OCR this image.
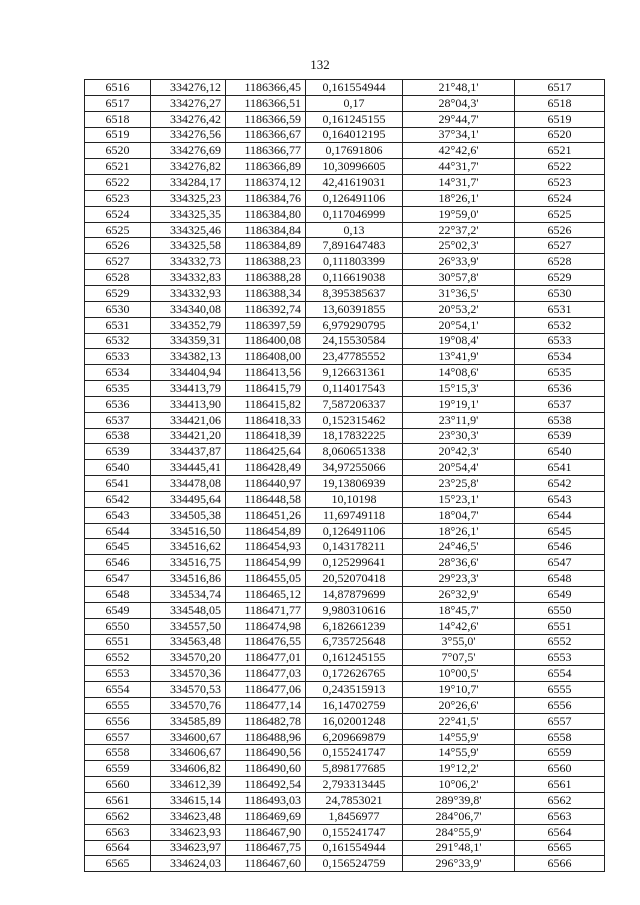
132
6516	334276,12	1186366,45	0,161554944	21°48,1'	6517
6517	334276,27	1186366,51	0,17	28°04,3'	6518
6518	334276,42	1186366,59	0,161245155	29°44,7'	6519
6519	334276,56	1186366,67	0,164012195	37°34,1'	6520
6520	334276,69	1186366,77	0,17691806	42°42,6'	6521
6521	334276,82	1186366,89	10,30996605	44°31,7'	6522
6522	334284,17	1186374,12	42,41619031	14°31,7'	6523
6523	334325,23	1186384,76	0,126491106	18°26,1'	6524
6524	334325,35	1186384,80	0,117046999	19°59,0'	6525
6525	334325,46	1186384,84	0,13	22°37,2'	6526
6526	334325,58	1186384,89	7,891647483	25°02,3'	6527
6527	334332,73	1186388,23	0,111803399	26°33,9'	6528
6528	334332,83	1186388,28	0,116619038	30°57,8'	6529
6529	334332,93	1186388,34	8,395385637	31°36,5'	6530
6530	334340,08	1186392,74	13,60391855	20°53,2'	6531
6531	334352,79	1186397,59	6,979290795	20°54,1'	6532
6532	334359,31	1186400,08	24,15530584	19°08,4'	6533
6533	334382,13	1186408,00	23,47785552	13°41,9'	6534
6534	334404,94	1186413,56	9,126631361	14°08,6'	6535
6535	334413,79	1186415,79	0,114017543	15°15,3'	6536
6536	334413,90	1186415,82	7,587206337	19°19,1'	6537
6537	334421,06	1186418,33	0,152315462	23°11,9'	6538
6538	334421,20	1186418,39	18,17832225	23°30,3'	6539
6539	334437,87	1186425,64	8,060651338	20°42,3'	6540
6540	334445,41	1186428,49	34,97255066	20°54,4'	6541
6541	334478,08	1186440,97	19,13806939	23°25,8'	6542
6542	334495,64	1186448,58	10,10198	15°23,1'	6543
6543	334505,38	1186451,26	11,69749118	18°04,7'	6544
6544	334516,50	1186454,89	0,126491106	18°26,1'	6545
6545	334516,62	1186454,93	0,143178211	24°46,5'	6546
6546	334516,75	1186454,99	0,125299641	28°36,6'	6547
6547	334516,86	1186455,05	20,52070418	29°23,3'	6548
6548	334534,74	1186465,12	14,87879699	26°32,9'	6549
6549	334548,05	1186471,77	9,980310616	18°45,7'	6550
6550	334557,50	1186474,98	6,182661239	14°42,6'	6551
6551	334563,48	1186476,55	6,735725648	3°55,0'	6552
6552	334570,20	1186477,01	0,161245155	7°07,5'	6553
6553	334570,36	1186477,03	0,172626765	10°00,5'	6554
6554	334570,53	1186477,06	0,243515913	19°10,7'	6555
6555	334570,76	1186477,14	16,14702759	20°26,6'	6556
6556	334585,89	1186482,78	16,02001248	22°41,5'	6557
6557	334600,67	1186488,96	6,209669879	14°55,9'	6558
6558	334606,67	1186490,56	0,155241747	14°55,9'	6559
6559	334606,82	1186490,60	5,898177685	19°12,2'	6560
6560	334612,39	1186492,54	2,793313445	10°06,2'	6561
6561	334615,14	1186493,03	24,7853021	289°39,8'	6562
6562	334623,48	1186469,69	1,8456977	284°06,7'	6563
6563	334623,93	1186467,90	0,155241747	284°55,9'	6564
6564	334623,97	1186467,75	0,161554944	291°48,1'	6565
6565	334624,03	1186467,60	0,156524759	296°33,9'	6566
